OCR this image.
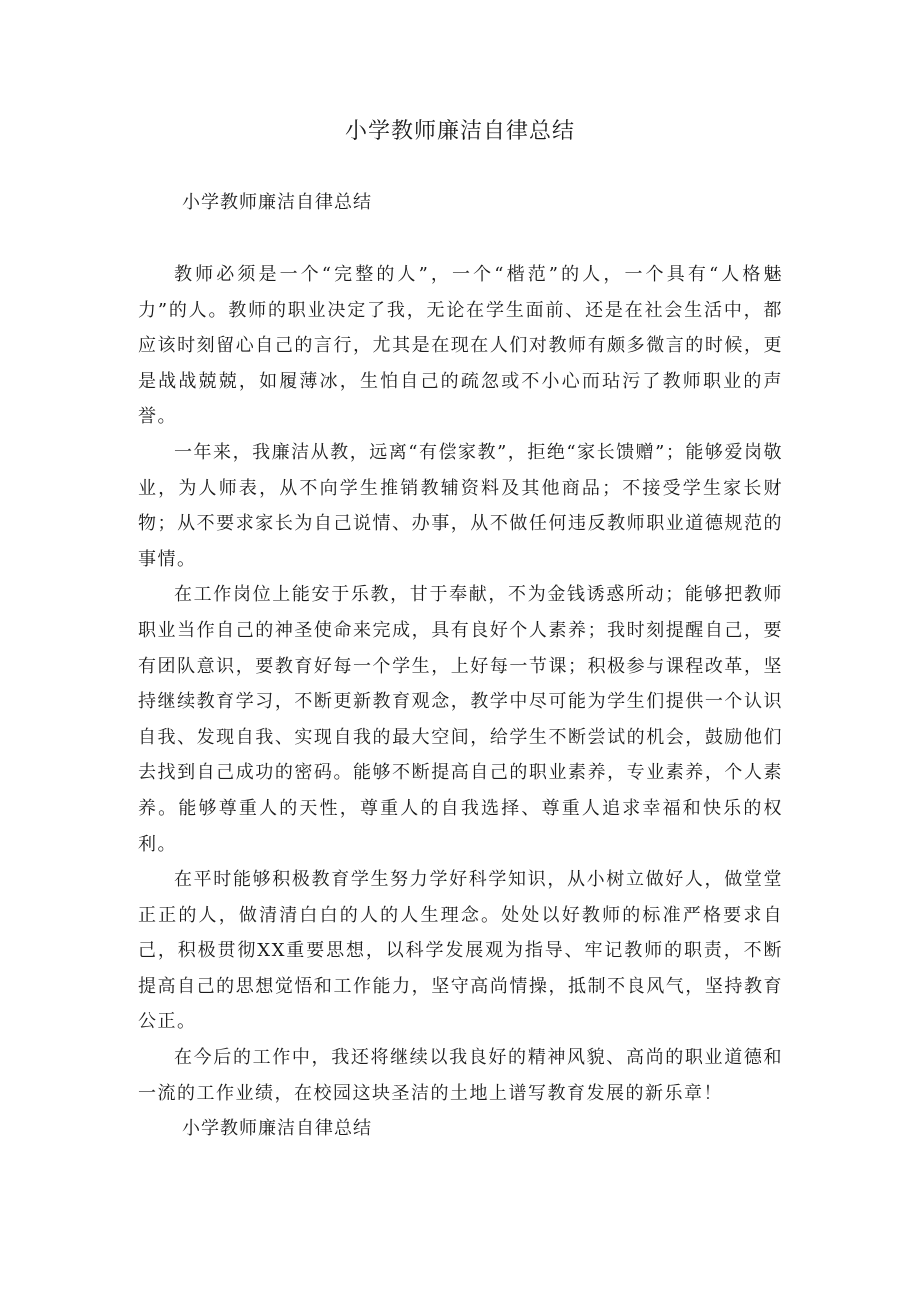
小学教师廉洁自律总结
小学教师廉洁自律总结

教师必须是一个“完整的人”，一个“楷范”的人，一个具有“人格魅力”的人。教师的职业决定了我，无论在学生面前、还是在社会生活中，都应该时刻留心自己的言行，尤其是在现在人们对教师有颇多微言的时候，更是战战兢兢，如履薄冰，生怕自己的疏忽或不小心而玷污了教师职业的声誉。

一年来，我廉洁从教，远离“有偿家教”，拒绝“家长馈赠”；能够爱岗敬业，为人师表，从不向学生推销教辅资料及其他商品；不接受学生家长财物；从不要求家长为自己说情、办事，从不做任何违反教师职业道德规范的事情。

在工作岗位上能安于乐教，甘于奉献，不为金钱诱惑所动；能够把教师职业当作自己的神圣使命来完成，具有良好个人素养；我时刻提醒自己，要有团队意识，要教育好每一个学生，上好每一节课；积极参与课程改革，坚持继续教育学习，不断更新教育观念，教学中尽可能为学生们提供一个认识自我、发现自我、实现自我的最大空间，给学生不断尝试的机会，鼓励他们去找到自己成功的密码。能够不断提高自己的职业素养，专业素养，个人素养。能够尊重人的天性，尊重人的自我选择、尊重人追求幸福和快乐的权利。

在平时能够积极教育学生努力学好科学知识，从小树立做好人，做堂堂正正的人，做清清白白的人的人生理念。处处以好教师的标准严格要求自己，积极贯彻XX重要思想，以科学发展观为指导、牢记教师的职责，不断提高自己的思想觉悟和工作能力，坚守高尚情操，抵制不良风气，坚持教育公正。

在今后的工作中，我还将继续以我良好的精神风貌、高尚的职业道德和一流的工作业绩，在校园这块圣洁的土地上谱写教育发展的新乐章！

小学教师廉洁自律总结
